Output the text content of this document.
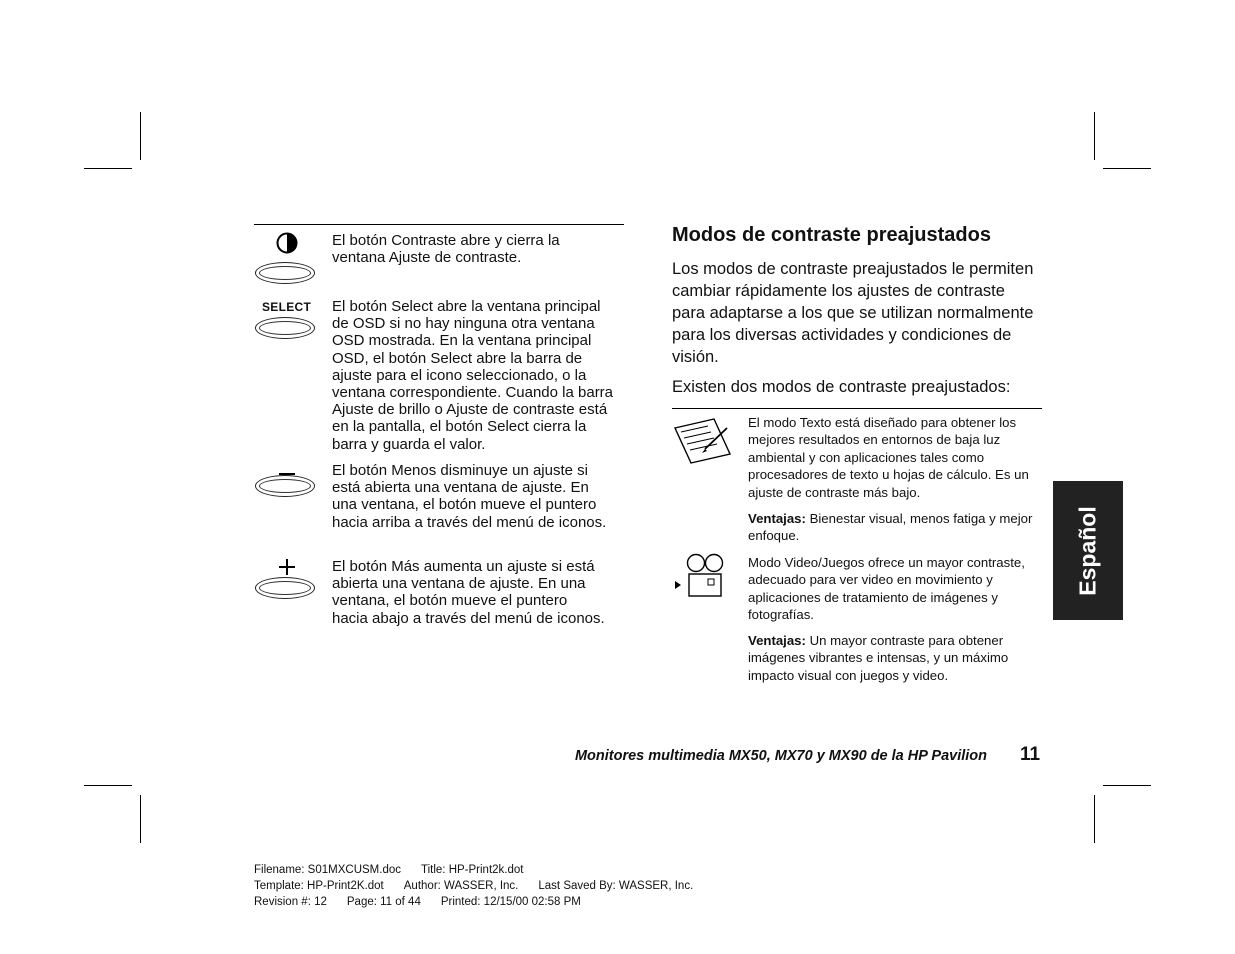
El botón Contraste abre y cierra la ventana Ajuste de contraste.
SELECT El botón Select abre la ventana principal de OSD si no hay ninguna otra ventana OSD mostrada. En la ventana principal OSD, el botón Select abre la barra de ajuste para el icono seleccionado, o la ventana correspondiente. Cuando la barra Ajuste de brillo o Ajuste de contraste está en la pantalla, el botón Select cierra la barra y guarda el valor.
El botón Menos disminuye un ajuste si está abierta una ventana de ajuste. En una ventana, el botón mueve el puntero hacia arriba a través del menú de iconos.
El botón Más aumenta un ajuste si está abierta una ventana de ajuste. En una ventana, el botón mueve el puntero hacia abajo a través del menú de iconos.
Modos de contraste preajustados
Los modos de contraste preajustados le permiten cambiar rápidamente los ajustes de contraste para adaptarse a los que se utilizan normalmente para los diversas actividades y condiciones de visión.
Existen dos modos de contraste preajustados:
El modo Texto está diseñado para obtener los mejores resultados en entornos de baja luz ambiental y con aplicaciones tales como procesadores de texto u hojas de cálculo. Es un ajuste de contraste más bajo.
Ventajas: Bienestar visual, menos fatiga y mejor enfoque.
Modo Video/Juegos ofrece un mayor contraste, adecuado para ver video en movimiento y aplicaciones de tratamiento de imágenes y fotografías.
Ventajas: Un mayor contraste para obtener imágenes vibrantes e intensas, y un máximo impacto visual con juegos y video.
Español
Monitores multimedia MX50, MX70 y MX90 de la HP Pavilion 11
Filename: S01MXCUSM.doc Title: HP-Print2k.dot
Template: HP-Print2K.dot Author: WASSER, Inc. Last Saved By: WASSER, Inc.
Revision #: 12 Page: 11 of 44 Printed: 12/15/00 02:58 PM
